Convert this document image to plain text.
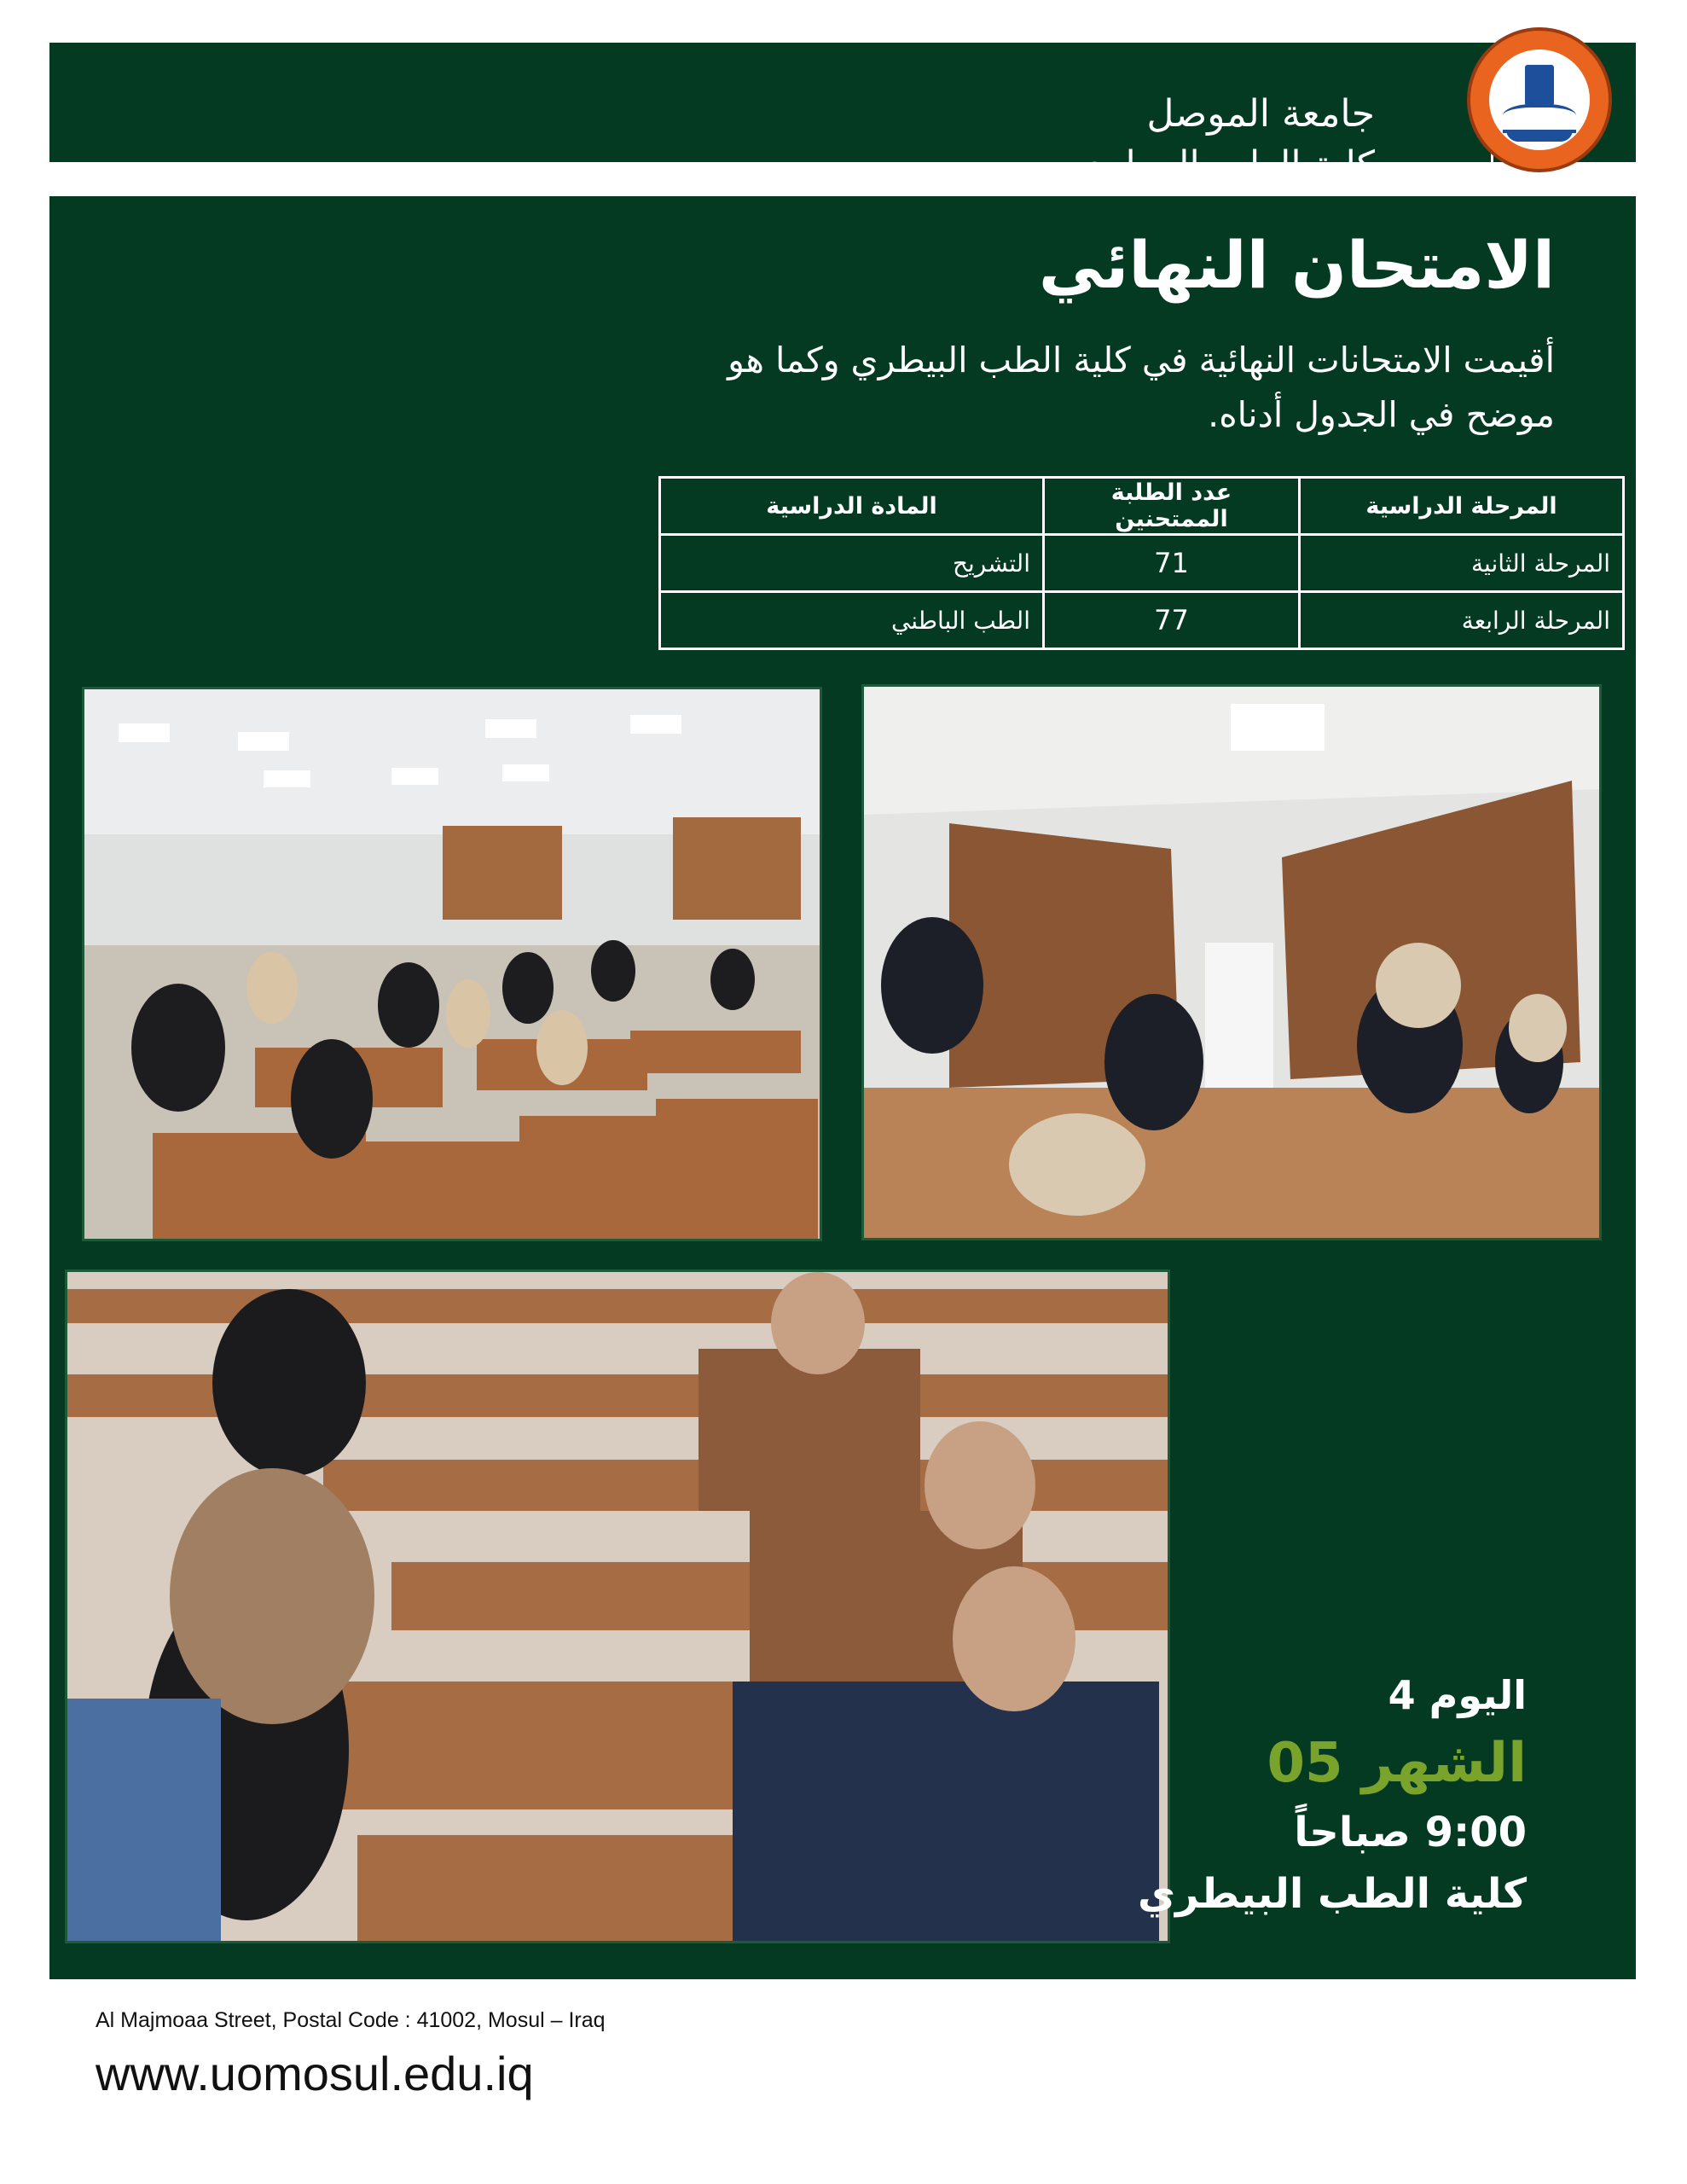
جامعة الموصل
كلية الطب البيطري
الامتحان النهائي
أقيمت الامتحانات النهائية في كلية الطب البيطري وكما هو موضح في الجدول أدناه.
المرحلة الدراسية	عدد الطلبة الممتحنين	المادة الدراسية
المرحلة الثانية	71	التشريح
المرحلة الرابعة	77	الطب الباطني
اليوم 4
الشهر 05
9:00 صباحاً
كلية الطب البيطري
Al Majmoaa Street, Postal Code : 41002, Mosul – Iraq
www.uomosul.edu.iq
